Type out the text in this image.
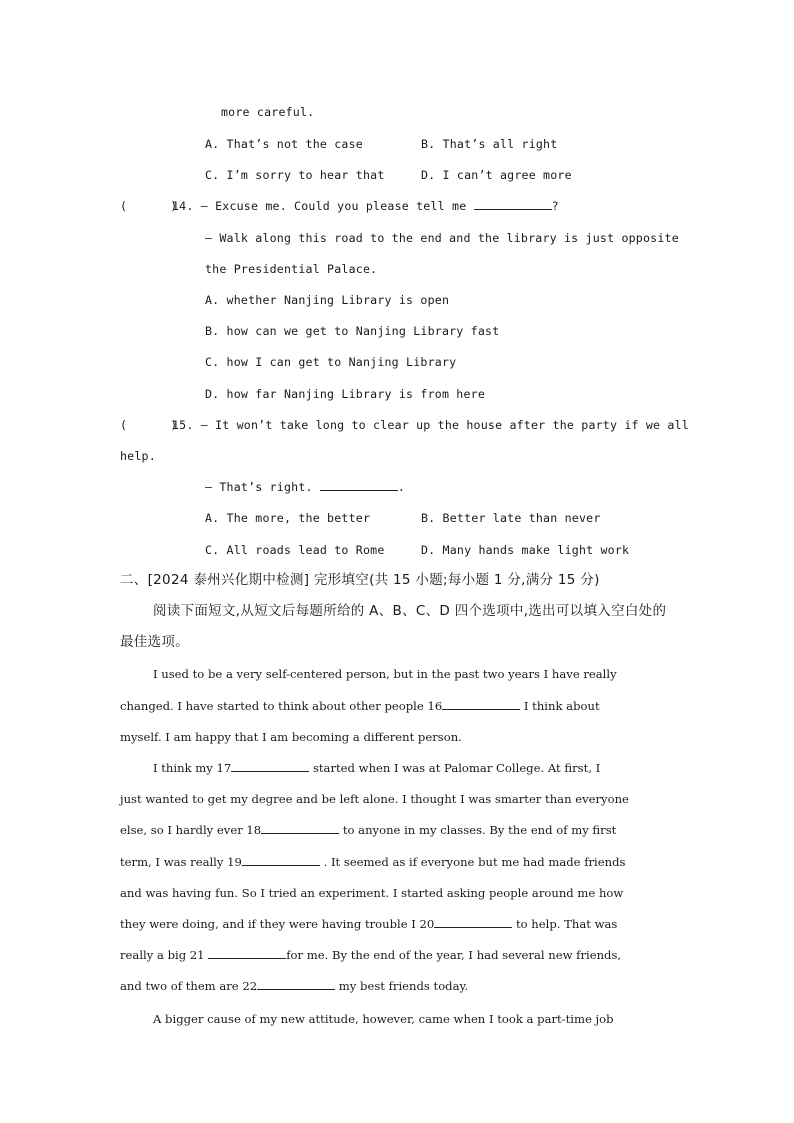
more careful.
A. That’s not the case	B. That’s all right
C. I’m sorry to hear that	D. I can’t agree more
(      )
14. — Excuse me. Could you please tell me	?
— Walk along this road to the end and the library is just opposite
the Presidential Palace.
A. whether Nanjing Library is open
B. how can we get to Nanjing Library fast
C. how I can get to Nanjing Library
D. how far Nanjing Library is from here
(      )
15. — It won’t take long to clear up the house after the party if we all
help.
— That’s right.	.
A. The more, the better	B. Better late than never
C. All roads lead to Rome	D. Many hands make light work
二、[2024 泰州兴化期中检测] 完形填空(共 15 小题;每小题 1 分,满分 15 分)
阅读下面短文,从短文后每题所给的 A、B、C、D 四个选项中,选出可以填入空白处的
最佳选项。
I used to be a very self-centered person, but in the past two years I have really
changed. I have started to think about other people 16	I think about
myself. I am happy that I am becoming a different person.
I think my 17	started when I was at Palomar College. At first, I
just wanted to get my degree and be left alone. I thought I was smarter than everyone
else, so I hardly ever 18	to anyone in my classes. By the end of my first
term, I was really 19	. It seemed as if everyone but me had made friends
and was having fun. So I tried an experiment. I started asking people around me how
they were doing, and if they were having trouble I 20	to help. That was
really a big 21	for me. By the end of the year, I had several new friends,
and two of them are 22	my best friends today.
A bigger cause of my new attitude, however, came when I took a part-time job
